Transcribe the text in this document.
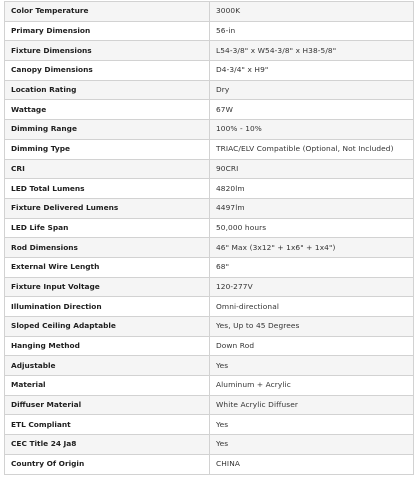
Color Temperature	3000K
Primary Dimension	56-in
Fixture Dimensions	L54-3/8" x W54-3/8" x H38-5/8"
Canopy Dimensions	D4-3/4" x H9"
Location Rating	Dry
Wattage	67W
Dimming Range	100% - 10%
Dimming Type	TRIAC/ELV Compatible (Optional, Not Included)
CRI	90CRI
LED Total Lumens	4820lm
Fixture Delivered Lumens	4497lm
LED Life Span	50,000 hours
Rod Dimensions	46" Max (3x12" + 1x6" + 1x4")
External Wire Length	68"
Fixture Input Voltage	120-277V
Illumination Direction	Omni-directional
Sloped Ceiling Adaptable	Yes, Up to 45 Degrees
Hanging Method	Down Rod
Adjustable	Yes
Material	Aluminum + Acrylic
Diffuser Material	White Acrylic Diffuser
ETL Compliant	Yes
CEC Title 24 Ja8	Yes
Country Of Origin	CHINA
